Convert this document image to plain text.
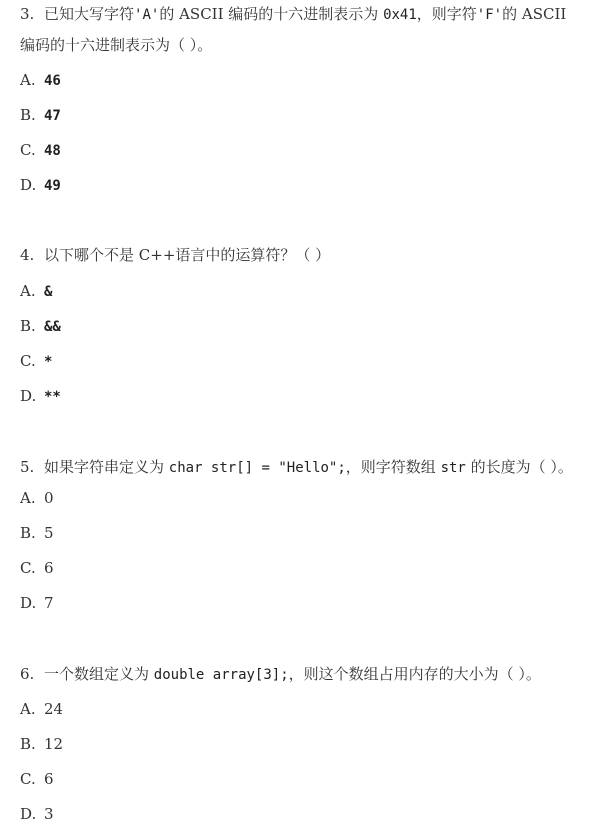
3. 已知大写字符'A'的 ASCII 编码的十六进制表示为 0x41，则字符'F'的 ASCII
编码的十六进制表示为（ ）。
A. 46
B. 47
C. 48
D. 49
4. 以下哪个不是 C++语言中的运算符？（ ）
A. &
B. &&
C. *
D. **
5. 如果字符串定义为 char str[] = "Hello";，则字符数组 str 的长度为（ ）。
A. 0
B. 5
C. 6
D. 7
6. 一个数组定义为 double array[3];，则这个数组占用内存的大小为（ ）。
A. 24
B. 12
C. 6
D. 3
